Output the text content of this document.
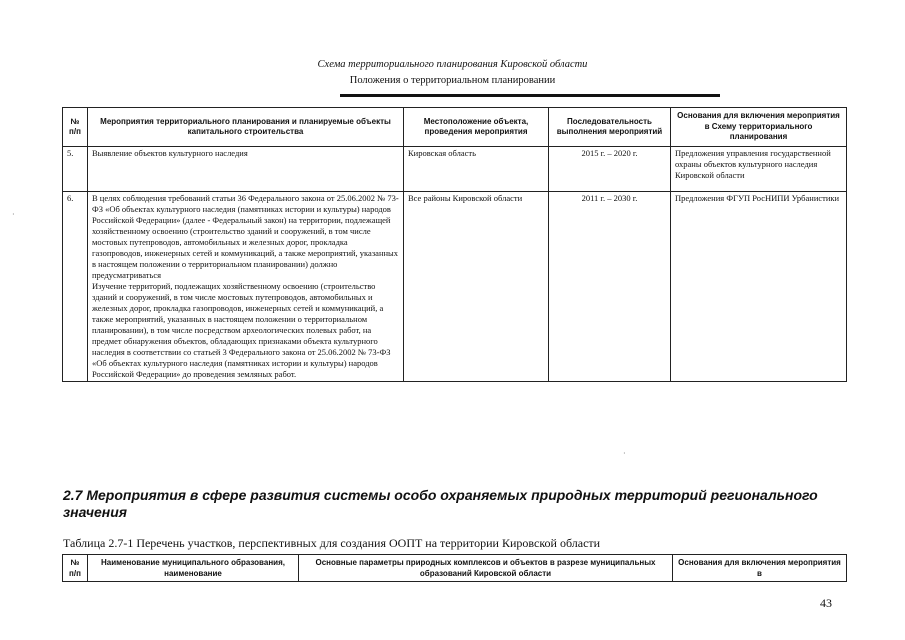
Схема территориального планирования Кировской области
Положения о территориальном планировании
·
·
№ п/п	Мероприятия территориального планирования и планируемые объекты капитального строительства	Местоположение объекта, проведения мероприятия	Последовательность выполнения мероприятий	Основания для включения мероприятия в Схему территориального планирования
5.	Выявление объектов культурного наследия	Кировская область	2015 г. – 2020 г.	Предложения управления государственной охраны объектов культурного наследия Кировской области
6.	В целях соблюдения требований статьи 36 Федерального закона от 25.06.2002 № 73-ФЗ «Об объектах культурного наследия (памятниках истории и культуры) народов Российской Федерации» (далее - Федеральный закон) на территории, подлежащей хозяйственному освоению (строительство зданий и сооружений, в том числе мостовых путепроводов, автомобильных и железных дорог, прокладка газопроводов, инженерных сетей и коммуникаций, а также мероприятий, указанных в настоящем положении о территориальном планировании) должно предусматриваться
Изучение территорий, подлежащих хозяйственному освоению (строительство зданий и сооружений, в том числе мостовых путепроводов, автомобильных и железных дорог, прокладка газопроводов, инженерных сетей и коммуникаций, а также мероприятий, указанных в настоящем положении о территориальном планировании), в том числе посредством археологических полевых работ, на предмет обнаружения объектов, обладающих признаками объекта культурного наследия в соответствии со статьей 3 Федерального закона от 25.06.2002 № 73-ФЗ «Об объектах культурного наследия (памятниках истории и культуры) народов Российской Федерации» до проведения земляных работ.	Все районы Кировской области	2011 г. – 2030 г.	Предложения ФГУП РосНИПИ Урбанистики
2.7 Мероприятия в сфере развития системы особо охраняемых природных территорий регионального значения
Таблица 2.7-1 Перечень участков, перспективных для создания ООПТ на территории Кировской области
№ п/п	Наименование муниципального образования, наименование	Основные параметры природных комплексов и объектов в разрезе муниципальных образований Кировской области	Основания для включения мероприятия в
43
